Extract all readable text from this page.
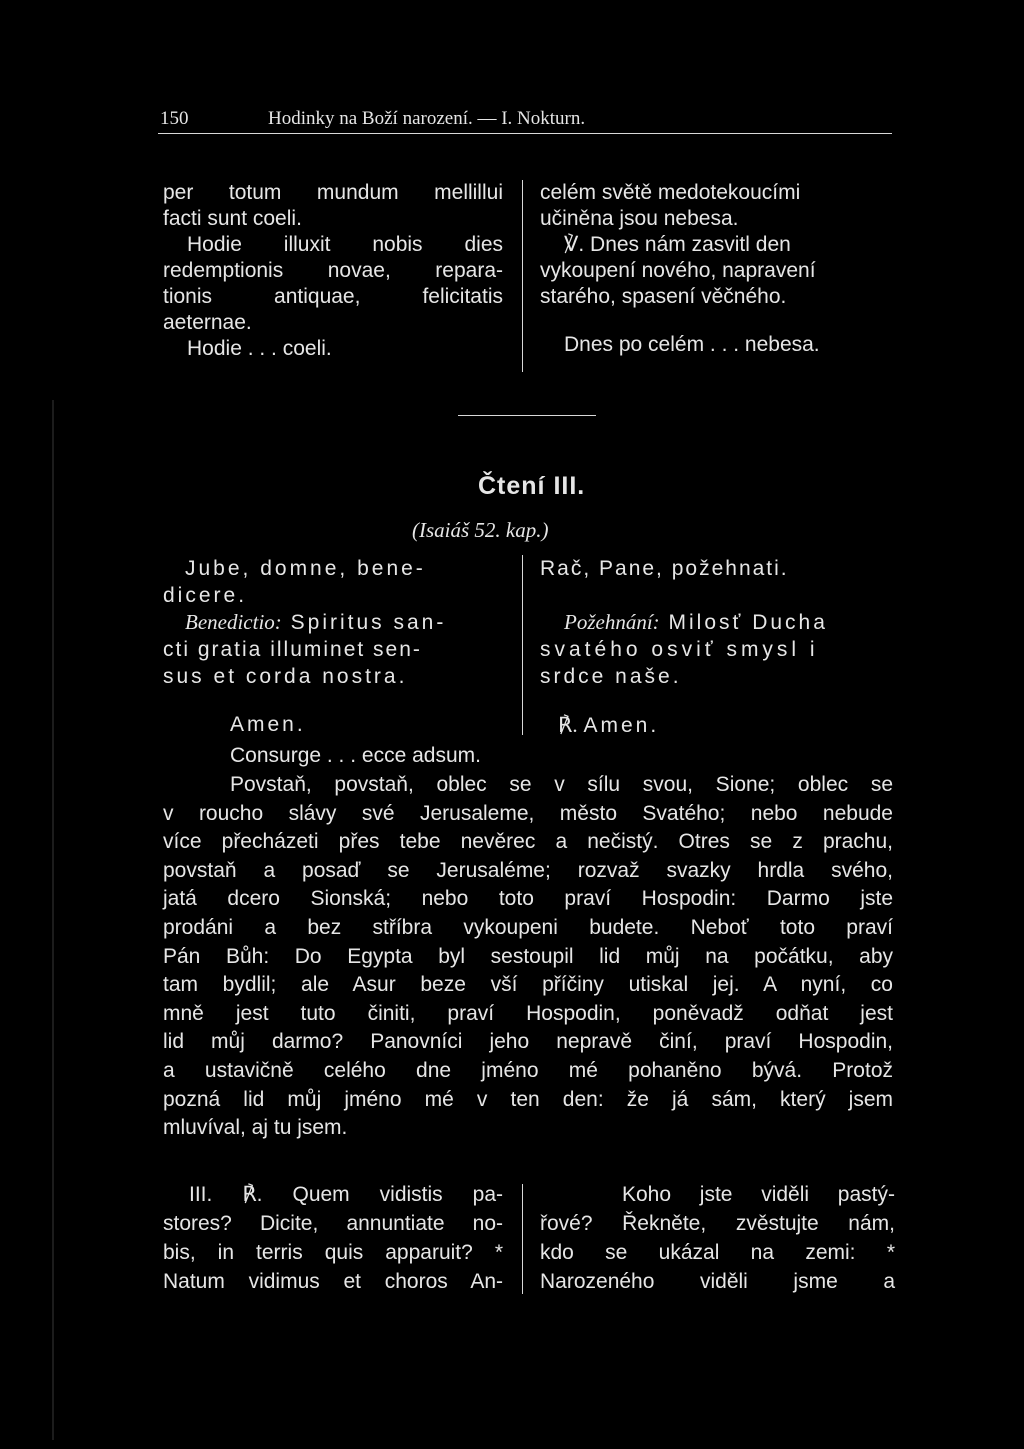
150	Hodinky na Boží narození. — I. Nokturn.
per totum mundum mellillui
facti sunt coeli.
Hodie illuxit nobis dies
redemptionis novae, repara-
tionis antiquae, felicitatis
aeternae.
Hodie . . . coeli.
celém světě medotekoucími
učiněna jsou nebesa.
℣. Dnes nám zasvitl den
vykoupení nového, napravení
starého, spasení věčného.
Dnes po celém . . . nebesa.
Čtení III.
(Isaiáš 52. kap.)
Jube, domne, bene-
dicere.
Benedictio: Spiritus san-
cti gratia illuminet sen-
sus et corda nostra.
Amen.
Rač, Pane, požehnati.

Požehnání: Milosť Ducha
svatého osviť smysl i
srdce naše.
℟. Amen.
Consurge . . . ecce adsum.
Povstaň, povstaň, oblec se v sílu svou, Sione; oblec se
v roucho slávy své Jerusaleme, město Svatého; nebo nebude
více přecházeti přes tebe nevěrec a nečistý. Otres se z prachu,
povstaň a posaď se Jerusaléme; rozvaž svazky hrdla svého,
jatá dcero Sionská; nebo toto praví Hospodin: Darmo jste
prodáni a bez stříbra vykoupeni budete. Neboť toto praví
Pán Bůh: Do Egypta byl sestoupil lid můj na počátku, aby
tam bydlil; ale Asur beze vší příčiny utiskal jej. A nyní, co
mně jest tuto činiti, praví Hospodin, poněvadž odňat jest
lid můj darmo? Panovníci jeho nepravě činí, praví Hospodin,
a ustavičně celého dne jméno mé pohaněno bývá. Protož
pozná lid můj jméno mé v ten den: že já sám, který jsem
mluvíval, aj tu jsem.
III. ℟. Quem vidistis pa-
stores? Dicite, annuntiate no-
bis, in terris quis apparuit? *
Natum vidimus et choros An-
Koho jste viděli pastý-
řové? Řekněte, zvěstujte nám,
kdo se ukázal na zemi: *
Narozeného viděli jsme a
